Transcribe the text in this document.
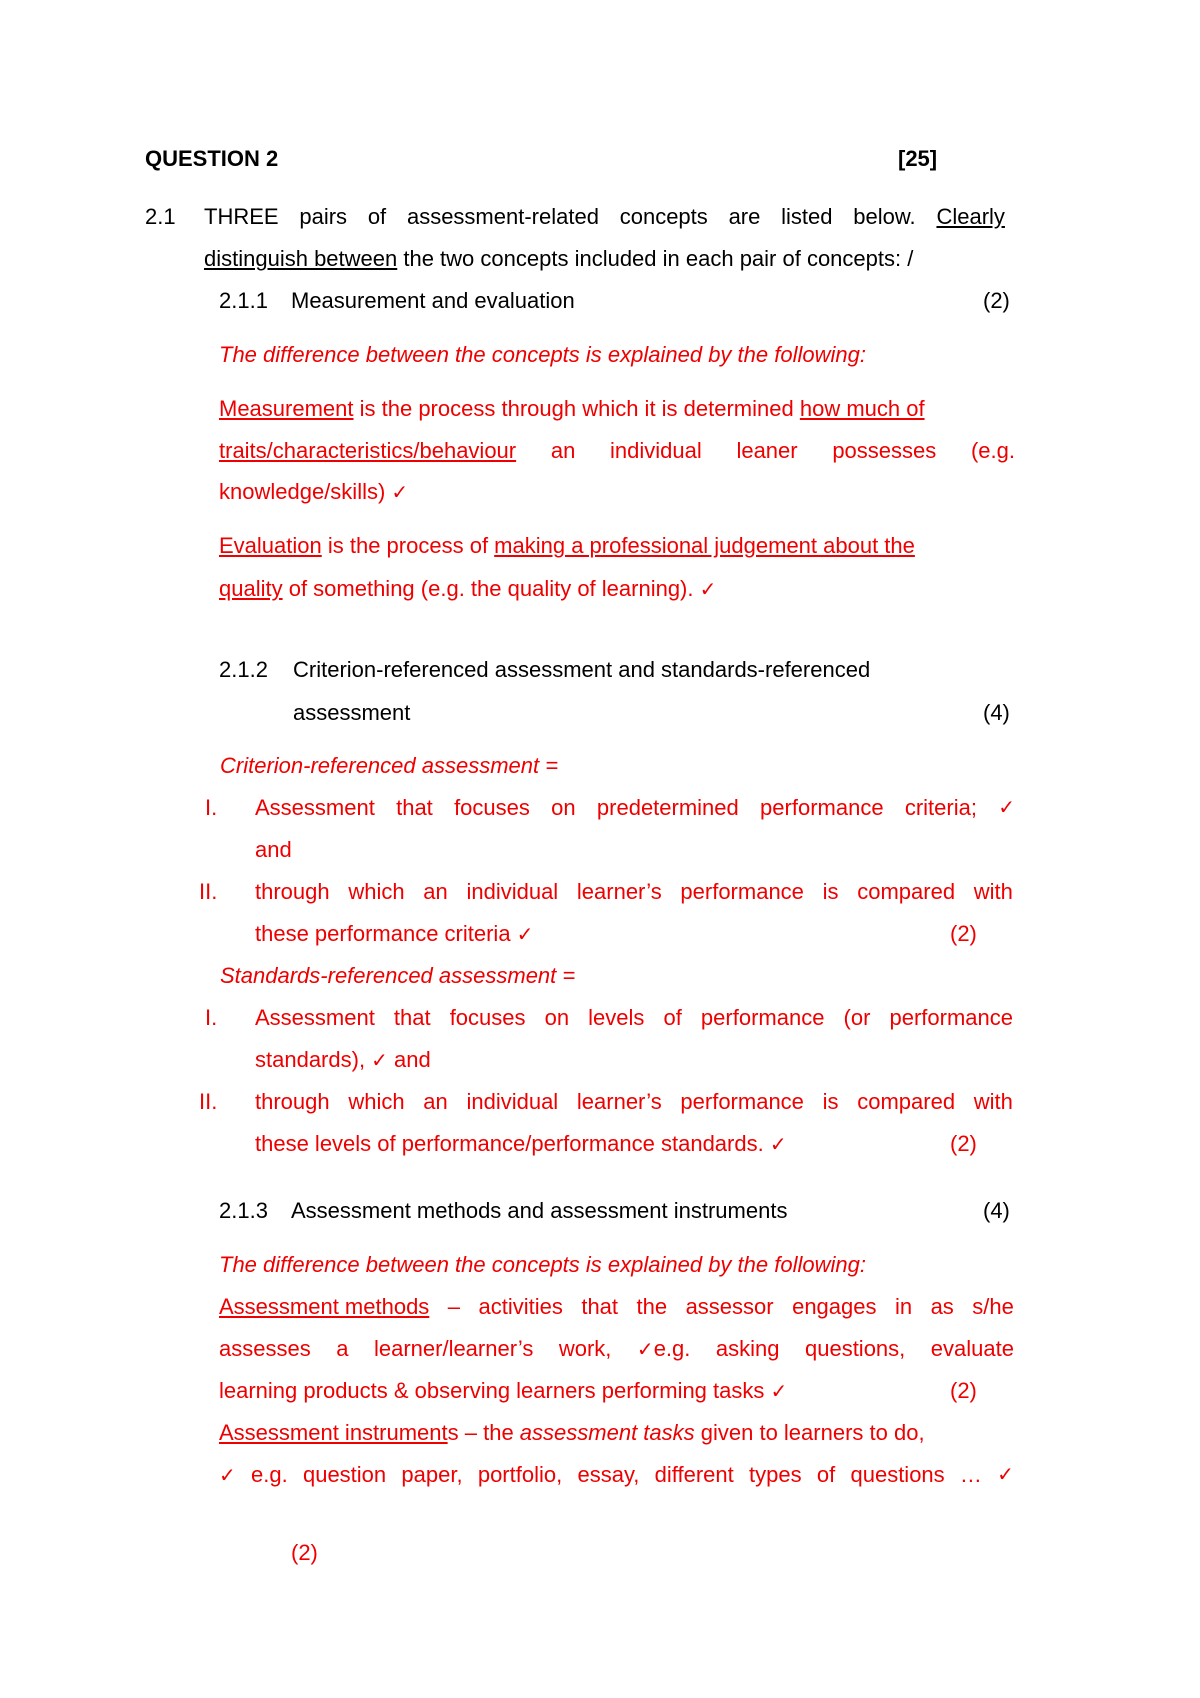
QUESTION 2	[25]
2.1 THREE pairs of assessment-related concepts are listed below. Clearly
distinguish between the two concepts included in each pair of concepts: /
2.1.1 Measurement and evaluation	(2)
The difference between the concepts is explained by the following:
Measurement is the process through which it is determined how much of
traits/characteristics/behaviour an individual leaner possesses (e.g.
knowledge/skills) ✓
Evaluation is the process of making a professional judgement about the
quality of something (e.g. the quality of learning). ✓
2.1.2 Criterion-referenced assessment and standards-referenced
assessment	(4)
Criterion-referenced assessment =
I. Assessment that focuses on predetermined performance criteria; ✓
and
II. through which an individual learner’s performance is compared with
these performance criteria ✓	(2)
Standards-referenced assessment =
I. Assessment that focuses on levels of performance (or performance
standards), ✓ and
II. through which an individual learner’s performance is compared with
these levels of performance/performance standards. ✓	(2)
2.1.3 Assessment methods and assessment instruments	(4)
The difference between the concepts is explained by the following:
Assessment methods – activities that the assessor engages in as s/he
assesses a learner/learner’s work, ✓e.g. asking questions, evaluate
learning products & observing learners performing tasks ✓	(2)
Assessment instruments – the assessment tasks given to learners to do,
✓ e.g. question paper, portfolio, essay, different types of questions … ✓
(2)
